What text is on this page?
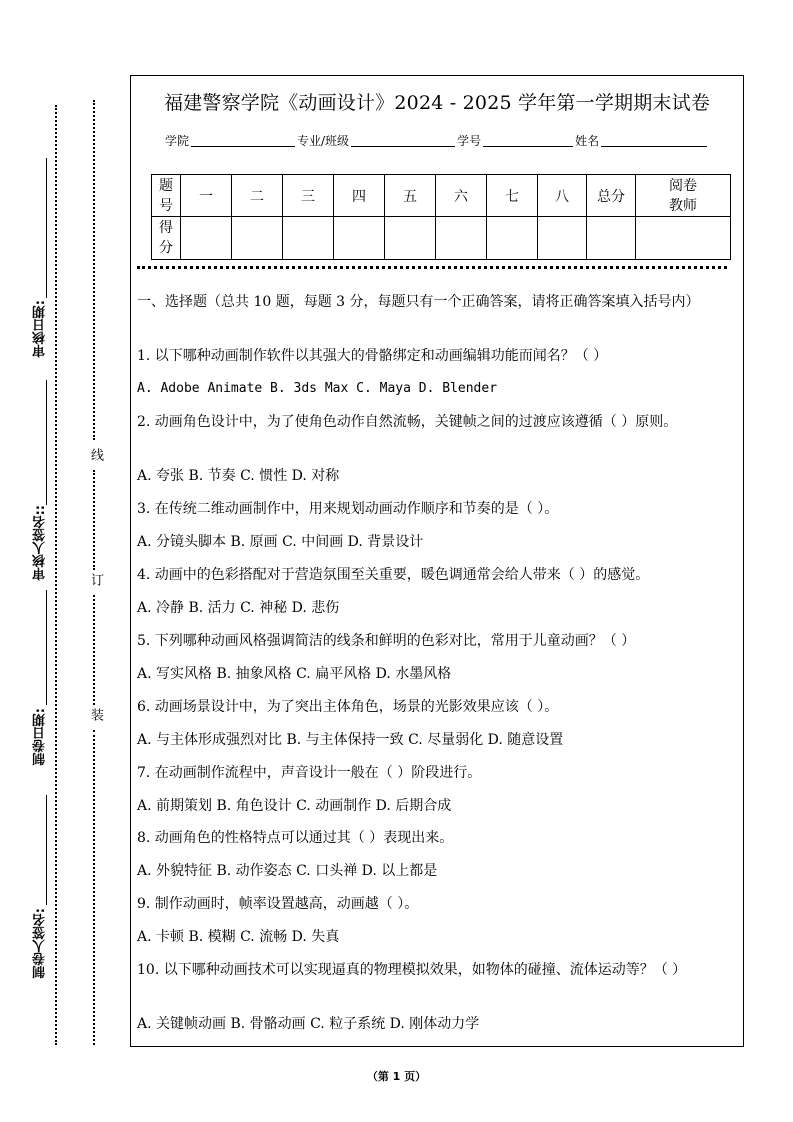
审核日期:
审核人签名::
制卷日期:
制卷人签名:
线
订
装
福建警察学院《动画设计》2024 - 2025 学年第一学期期末试卷
学院	专业/班级	学号	姓名
题号	一	二	三	四	五	六	七	八	总分	阅卷教师
得分										
一、选择题（总共 10 题，每题 3 分，每题只有一个正确答案，请将正确答案填入括号内）
1. 以下哪种动画制作软件以其强大的骨骼绑定和动画编辑功能而闻名？（ ）
A. Adobe Animate B. 3ds Max C. Maya D. Blender
2. 动画角色设计中，为了使角色动作自然流畅，关键帧之间的过渡应该遵循（ ）原则。
A. 夸张 B. 节奏 C. 惯性 D. 对称
3. 在传统二维动画制作中，用来规划动画动作顺序和节奏的是（ ）。
A. 分镜头脚本 B. 原画 C. 中间画 D. 背景设计
4. 动画中的色彩搭配对于营造氛围至关重要，暖色调通常会给人带来（ ）的感觉。
A. 冷静 B. 活力 C. 神秘 D. 悲伤
5. 下列哪种动画风格强调简洁的线条和鲜明的色彩对比，常用于儿童动画？（ ）
A. 写实风格 B. 抽象风格 C. 扁平风格 D. 水墨风格
6. 动画场景设计中，为了突出主体角色，场景的光影效果应该（ ）。
A. 与主体形成强烈对比 B. 与主体保持一致 C. 尽量弱化 D. 随意设置
7. 在动画制作流程中，声音设计一般在（ ）阶段进行。
A. 前期策划 B. 角色设计 C. 动画制作 D. 后期合成
8. 动画角色的性格特点可以通过其（ ）表现出来。
A. 外貌特征 B. 动作姿态 C. 口头禅 D. 以上都是
9. 制作动画时，帧率设置越高，动画越（ ）。
A. 卡顿 B. 模糊 C. 流畅 D. 失真
10. 以下哪种动画技术可以实现逼真的物理模拟效果，如物体的碰撞、流体运动等？（ ）
A. 关键帧动画 B. 骨骼动画 C. 粒子系统 D. 刚体动力学
（第 1 页）
